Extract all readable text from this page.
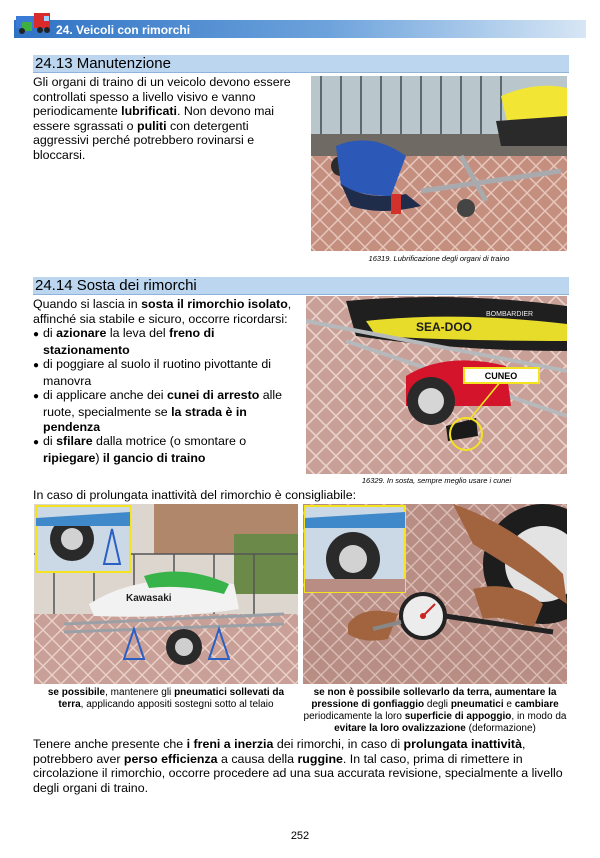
24. Veicoli con rimorchi
24.13 Manutenzione
Gli organi di traino di un veicolo devono essere controllati spesso a livello visivo e vanno periodicamente lubrificati. Non devono mai essere sgrassati o puliti con detergenti aggressivi perché potrebbero rovinarsi e bloccarsi.
16319. Lubrificazione degli organi di traino
24.14 Sosta dei rimorchi
Quando si lascia in sosta il rimorchio isolato, affinché sia stabile e sicuro, occorre ricordarsi:
● di azionare la leva del freno di stazionamento
● di poggiare al suolo il ruotino pivottante di manovra
● di applicare anche dei cunei di arresto alle ruote, specialmente se la strada è in pendenza
● di sfilare dalla motrice (o smontare o ripiegare) il gancio di traino
CUNEO
SEA-DOO
BOMBARDIER
16329. In sosta, sempre meglio usare i cunei
In caso di prolungata inattività del rimorchio è consigliabile:
Kawasaki
se possibile, mantenere gli pneumatici sollevati da terra, applicando appositi sostegni sotto al telaio
se non è possibile sollevarlo da terra, aumentare la pressione di gonfiaggio degli pneumatici e cambiare periodicamente la loro superficie di appoggio, in modo da evitare la loro ovalizzazione (deformazione)
Tenere anche presente che i freni a inerzia dei rimorchi, in caso di prolungata inattività, potrebbero aver perso efficienza a causa della ruggine. In tal caso, prima di rimettere in circolazione il rimorchio, occorre procedere ad una sua accurata revisione, specialmente a livello degli organi di traino.
252
